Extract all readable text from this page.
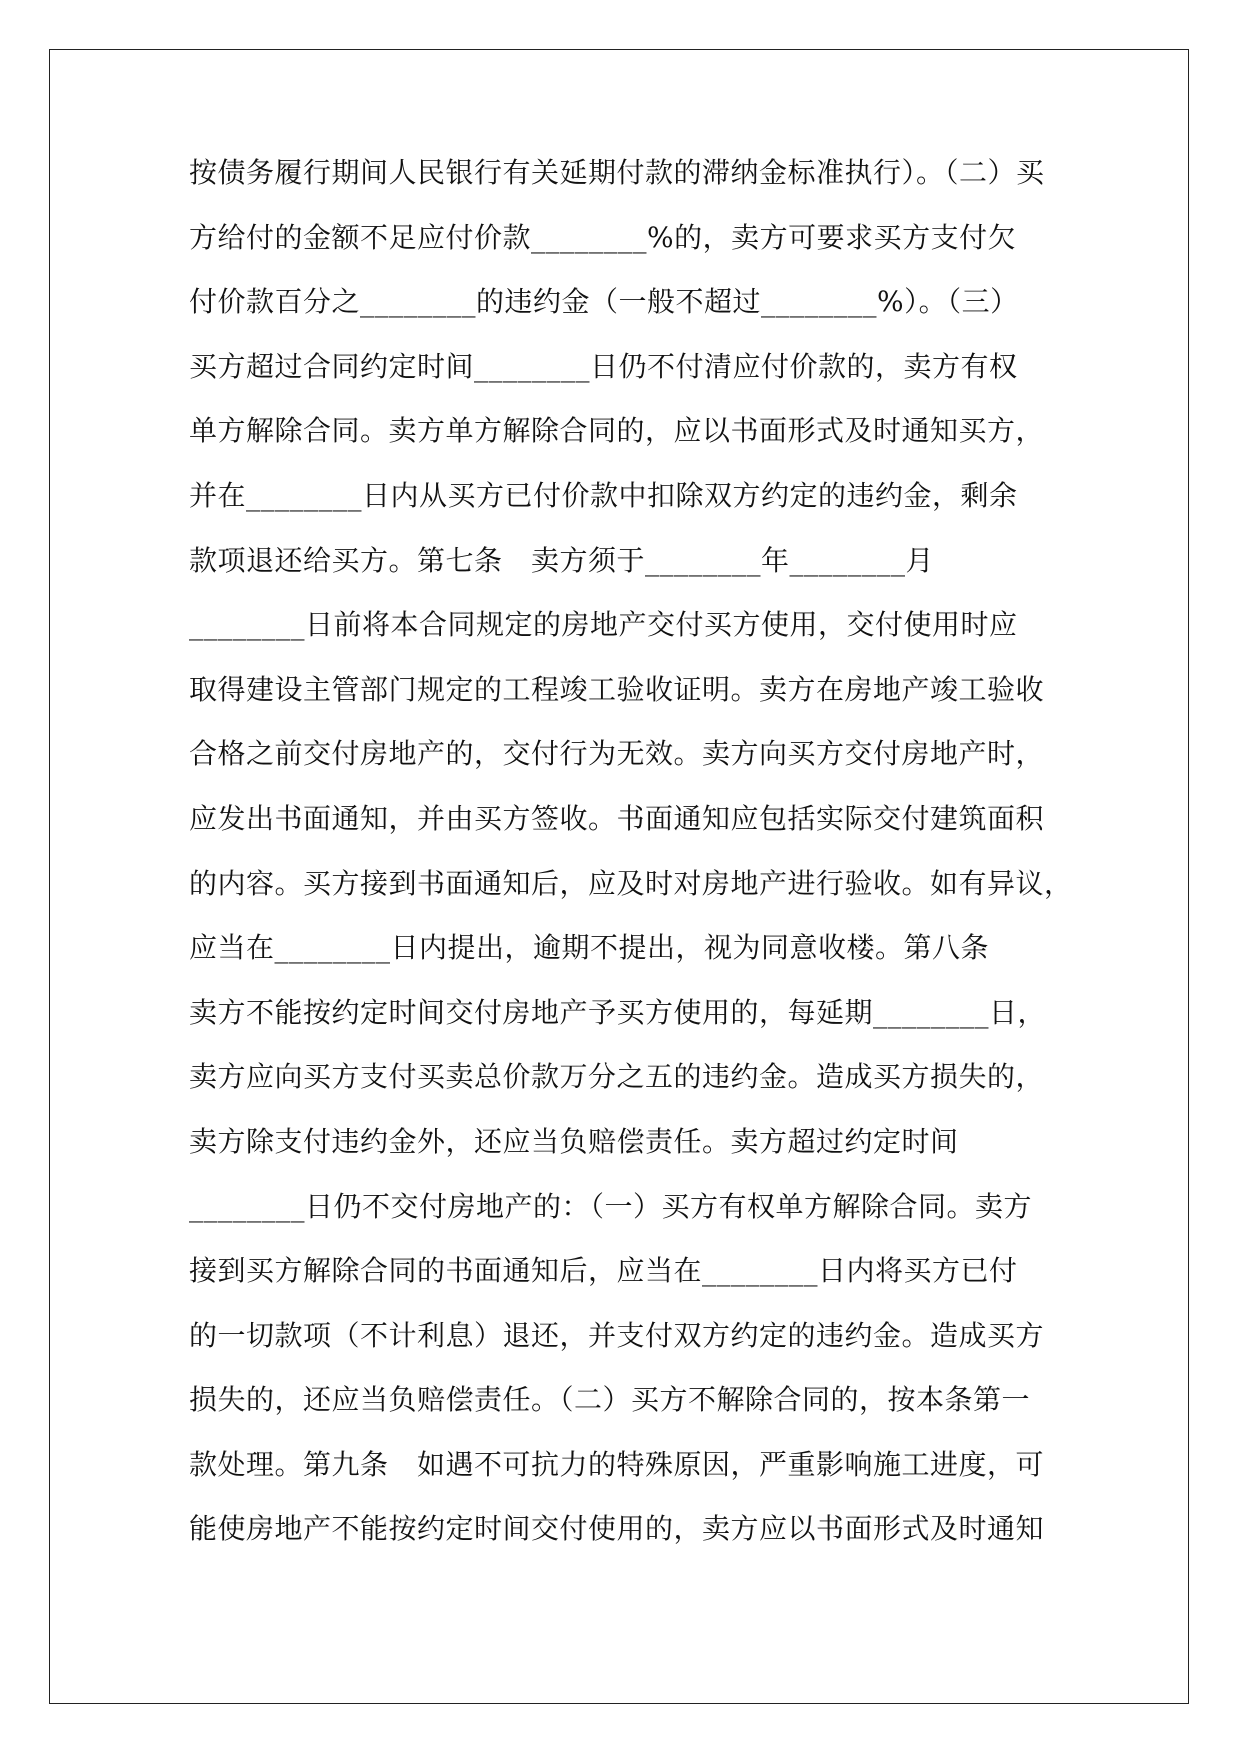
按债务履行期间人民银行有关延期付款的滞纳金标准执行）。（二）买
方给付的金额不足应付价款________%的，卖方可要求买方支付欠
付价款百分之________的违约金（一般不超过________%）。（三）
买方超过合同约定时间________日仍不付清应付价款的，卖方有权
单方解除合同。卖方单方解除合同的，应以书面形式及时通知买方，
并在________日内从买方已付价款中扣除双方约定的违约金，剩余
款项退还给买方。第七条　卖方须于________年________月
________日前将本合同规定的房地产交付买方使用，交付使用时应
取得建设主管部门规定的工程竣工验收证明。卖方在房地产竣工验收
合格之前交付房地产的，交付行为无效。卖方向买方交付房地产时，
应发出书面通知，并由买方签收。书面通知应包括实际交付建筑面积
的内容。买方接到书面通知后，应及时对房地产进行验收。如有异议，
应当在________日内提出，逾期不提出，视为同意收楼。第八条
卖方不能按约定时间交付房地产予买方使用的，每延期________日，
卖方应向买方支付买卖总价款万分之五的违约金。造成买方损失的，
卖方除支付违约金外，还应当负赔偿责任。卖方超过约定时间
________日仍不交付房地产的：（一）买方有权单方解除合同。卖方
接到买方解除合同的书面通知后，应当在________日内将买方已付
的一切款项（不计利息）退还，并支付双方约定的违约金。造成买方
损失的，还应当负赔偿责任。（二）买方不解除合同的，按本条第一
款处理。第九条　如遇不可抗力的特殊原因，严重影响施工进度，可
能使房地产不能按约定时间交付使用的，卖方应以书面形式及时通知
